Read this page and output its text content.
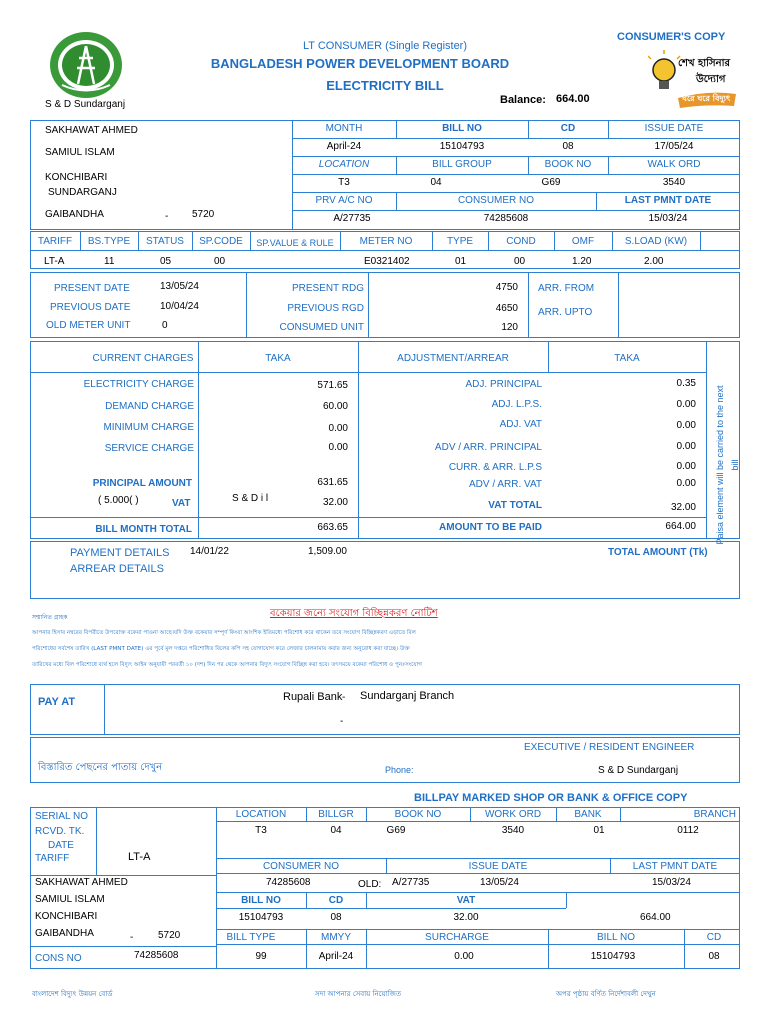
S & D Sundarganj
LT CONSUMER (Single Register)
BANGLADESH POWER DEVELOPMENT BOARD
ELECTRICITY BILL
CONSUMER'S COPY
Balance: 664.00
শেখ হাসিনার
উদ্যোগ
ঘরে ঘরে বিদ্যুৎ
SAKHAWAT AHMED
SAMIUL ISLAM
KONCHIBARI
SUNDARGANJ
GAIBANDHA	- 5720
MONTH	BILL NO	CD	ISSUE DATE
April-24	15104793	08	17/05/24
LOCATION	BILL GROUP	BOOK NO	WALK ORD
T3	04	G69	3540
PRV A/C NO	CONSUMER NO	LAST PMNT DATE
A/27735	74285608	15/03/24
TARIFF	BS.TYPE	STATUS	SP.CODE	SP.VALUE & RULE	METER NO	TYPE	COND	OMF	S.LOAD (KW)
LT-A	11	05	00	E0321402	01	00	1.20	2.00
PRESENT DATE	13/05/24
PREVIOUS DATE	10/04/24
OLD METER UNIT	0
PRESENT RDG	4750
PREVIOUS RGD	4650
CONSUMED UNIT	120
ARR. FROM
ARR. UPTO
CURRENT CHARGES	TAKA	ADJUSTMENT/ARREAR	TAKA
ELECTRICITY CHARGE	571.65
DEMAND CHARGE	60.00
MINIMUM CHARGE	0.00
SERVICE CHARGE	0.00
PRINCIPAL AMOUNT	631.65
( 5.000( )	VAT	S & D i l	32.00
BILL MONTH TOTAL	663.65
ADJ. PRINCIPAL	0.35
ADJ. L.P.S.	0.00
ADJ. VAT	0.00
ADV / ARR. PRINCIPAL	0.00
CURR. & ARR. L.P.S	0.00
ADV / ARR. VAT	0.00
VAT TOTAL	32.00
AMOUNT TO BE PAID	664.00 Paisa element will be carried to the next bill
PAYMENT DETAILS 14/01/22	1,509.00
ARREAR DETAILS
TOTAL AMOUNT (Tk)
সম্মানিত গ্রাহক	বকেয়ার জন্যে সংযোগ বিচ্ছিন্নকরণ নোটিশ
আপনার হিসাব নম্বরের বিপরীতে উপরোক্ত বকেয়া পাওনা আছে।যদি উক্ত বকেয়ার সম্পূর্ণ কিংবা আংশিক ইতিমধ্যে পরিশোধ করে থাকেন তবে সংযোগ বিচ্ছিন্নকরণ এড়াতে বিল
পরিশোধের সর্বশেষ তারিখ (LAST PMNT DATE) এর পূর্বে মূল দপ্তরে পরিশোধিত বিলের কপি সহ যোগাযোগ করে লেজার চালনামায় করার জন্য অনুরোধ করা যাচ্ছে। উক্ত
তারিখের মধ্যে বিল পরিশোধে ব্যর্থ হলে বিদ্যুৎ আইন অনুযায়ী পরবর্তী ১০ (দশ) দিন পর থেকে আপনার বিদ্যুৎ সংযোগ বিচ্ছিন্ন করা হবে। তৎসময়ে বকেয়া পরিশোধ ও পুনঃসংযোগ
PAY AT	Rupali Bank - Sundarganj Branch
-
বিস্তারিত পেছনের পাতায় দেখুন	Phone:
EXECUTIVE / RESIDENT ENGINEER
S & D Sundarganj
BILLPAY MARKED SHOP OR BANK & OFFICE COPY
SERIAL NO
RCVD. TK.
DATE
TARIFF	LT-A
LOCATION	BILLGR	BOOK NO	WORK ORD	BANK	BRANCH
T3	04	G69	3540	01	0112
CONSUMER NO	ISSUE DATE	LAST PMNT DATE
74285608	OLD: A/27735	13/05/24	15/03/24
SAKHAWAT AHMED
SAMIUL ISLAM
KONCHIBARI
GAIBANDHA	- 5720
BILL NO	CD	VAT
15104793	08	32.00	664.00
BILL TYPE	MMYY	SURCHARGE	BILL NO	CD
99	April-24	0.00	15104793	08
CONS NO	74285608
বাংলাদেশ বিদ্যুৎ উন্নয়ন বোর্ড	সদা আপনার সেবায় নিয়োজিত	অপর পৃষ্ঠায় বর্ণিত নির্দেশাবলী দেখুন
